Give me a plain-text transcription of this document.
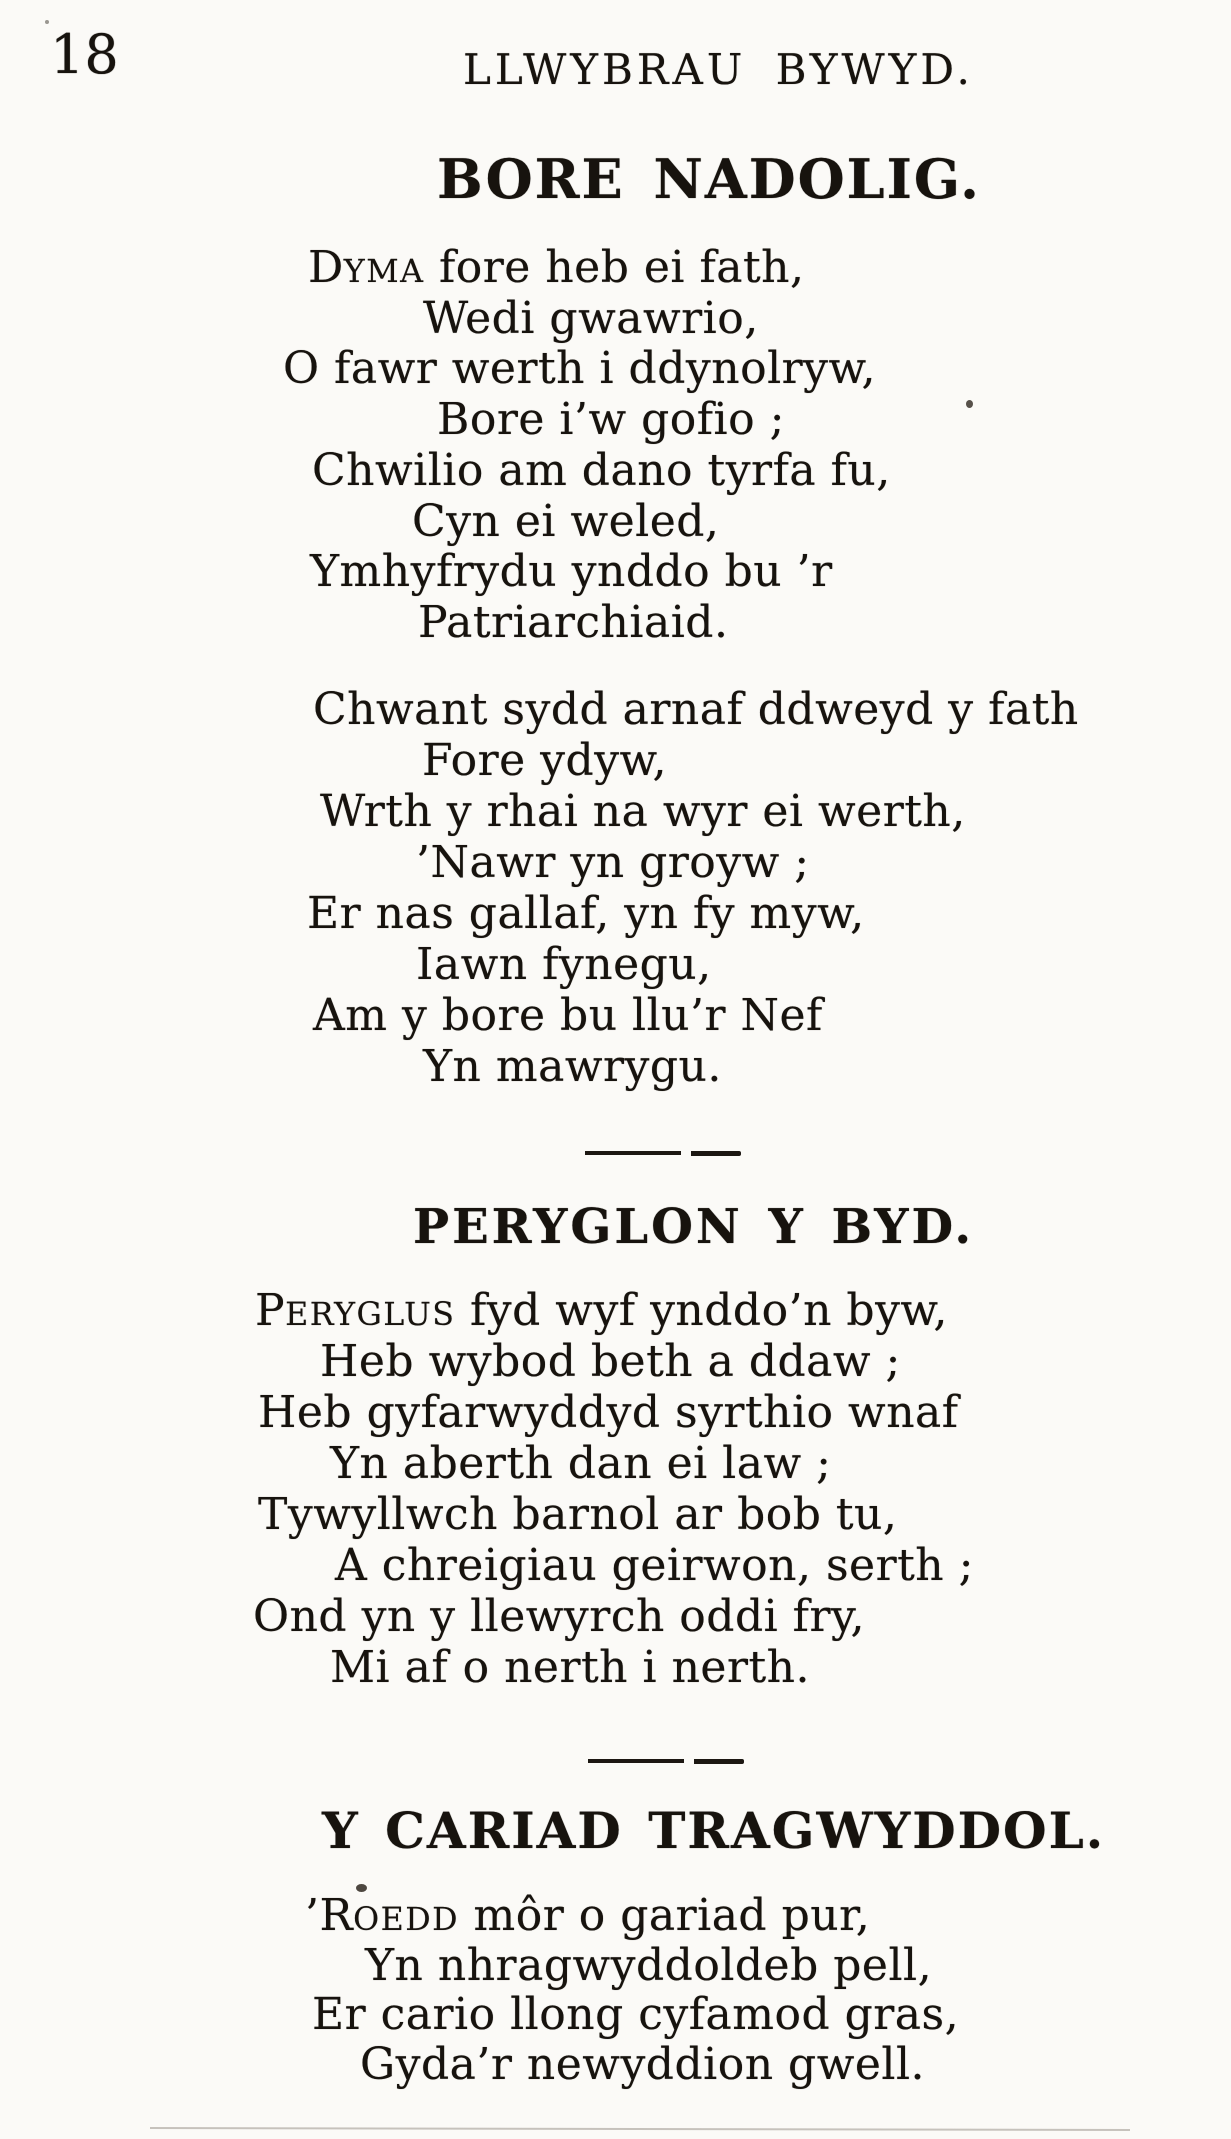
18	LLWYBRAU BYWYD.
BORE NADOLIG.
DYMA fore heb ei fath,
Wedi gwawrio,
O fawr werth i ddynolryw,
Bore i’w gofio ;
Chwilio am dano tyrfa fu,
Cyn ei weled,
Ymhyfrydu ynddo bu ’r
Patriarchiaid.
Chwant sydd arnaf ddweyd y fath
Fore ydyw,
Wrth y rhai na wyr ei werth,
’Nawr yn groyw ;
Er nas gallaf, yn fy myw,
Iawn fynegu,
Am y bore bu llu’r Nef
Yn mawrygu.
PERYGLON Y BYD.
PERYGLUS fyd wyf ynddo’n byw,
Heb wybod beth a ddaw ;
Heb gyfarwyddyd syrthio wnaf
Yn aberth dan ei law ;
Tywyllwch barnol ar bob tu,
A chreigiau geirwon, serth ;
Ond yn y llewyrch oddi fry,
Mi af o nerth i nerth.
Y CARIAD TRAGWYDDOL.
’ROEDD môr o gariad pur,
Yn nhragwyddoldeb pell,
Er cario llong cyfamod gras,
Gyda’r newyddion gwell.
